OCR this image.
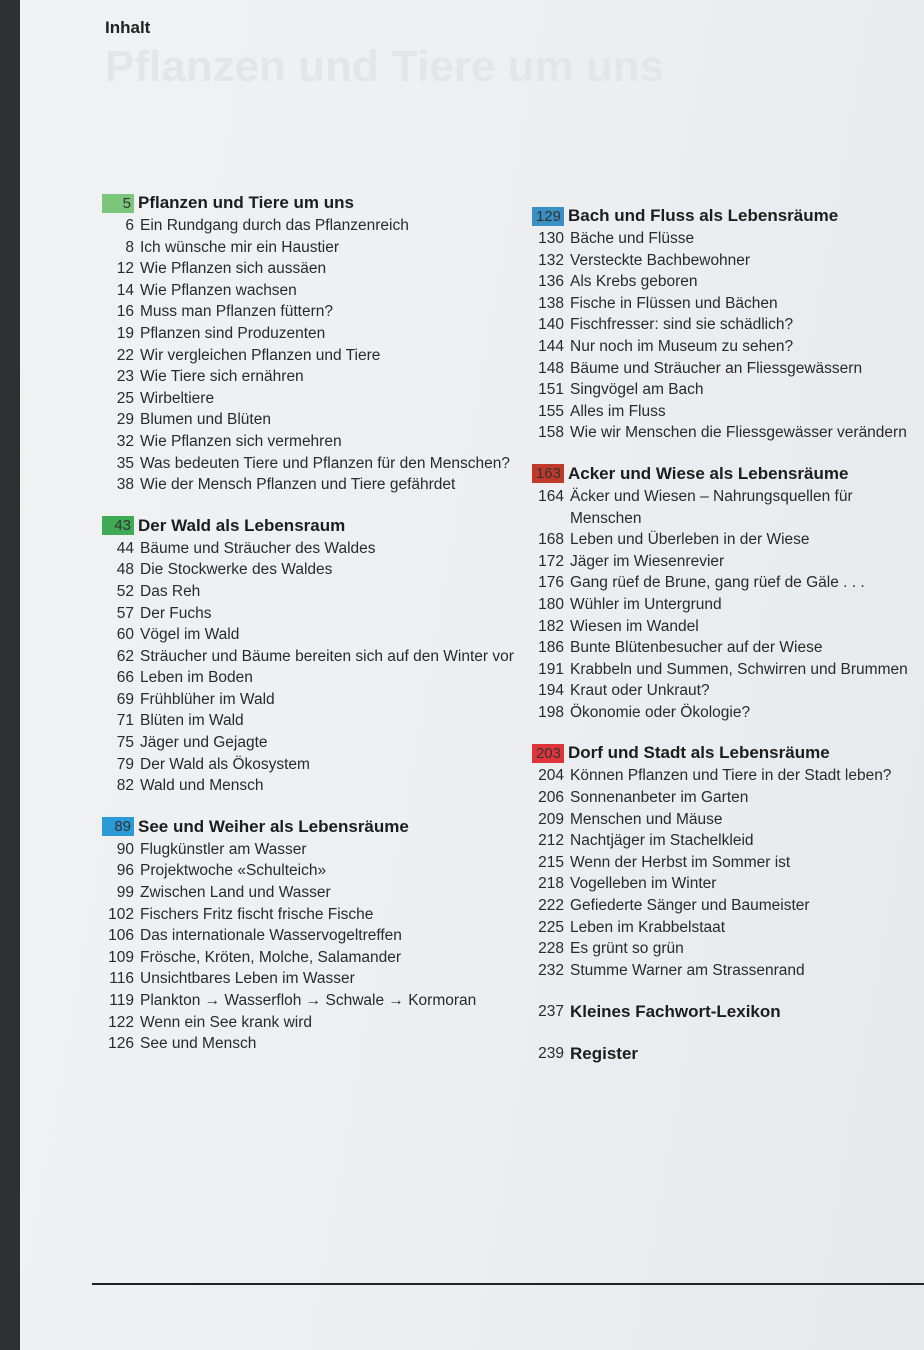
Pflanzen und Tiere um uns
Inhalt
5 Pflanzen und Tiere um uns
6 Ein Rundgang durch das Pflanzenreich
8 Ich wünsche mir ein Haustier
12 Wie Pflanzen sich aussäen
14 Wie Pflanzen wachsen
16 Muss man Pflanzen füttern?
19 Pflanzen sind Produzenten
22 Wir vergleichen Pflanzen und Tiere
23 Wie Tiere sich ernähren
25 Wirbeltiere
29 Blumen und Blüten
32 Wie Pflanzen sich vermehren
35 Was bedeuten Tiere und Pflanzen für den Menschen?
38 Wie der Mensch Pflanzen und Tiere gefährdet
43 Der Wald als Lebensraum
44 Bäume und Sträucher des Waldes
48 Die Stockwerke des Waldes
52 Das Reh
57 Der Fuchs
60 Vögel im Wald
62 Sträucher und Bäume bereiten sich auf den Winter vor
66 Leben im Boden
69 Frühblüher im Wald
71 Blüten im Wald
75 Jäger und Gejagte
79 Der Wald als Ökosystem
82 Wald und Mensch
89 See und Weiher als Lebensräume
90 Flugkünstler am Wasser
96 Projektwoche «Schulteich»
99 Zwischen Land und Wasser
102 Fischers Fritz fischt frische Fische
106 Das internationale Wasservogeltreffen
109 Frösche, Kröten, Molche, Salamander
116 Unsichtbares Leben im Wasser
119 Plankton → Wasserfloh → Schwale → Kormoran
122 Wenn ein See krank wird
126 See und Mensch
129 Bach und Fluss als Lebensräume
130 Bäche und Flüsse
132 Versteckte Bachbewohner
136 Als Krebs geboren
138 Fische in Flüssen und Bächen
140 Fischfresser: sind sie schädlich?
144 Nur noch im Museum zu sehen?
148 Bäume und Sträucher an Fliessgewässern
151 Singvögel am Bach
155 Alles im Fluss
158 Wie wir Menschen die Fliessgewässer verändern
163 Acker und Wiese als Lebensräume
164 Äcker und Wiesen – Nahrungsquellen für Menschen
168 Leben und Überleben in der Wiese
172 Jäger im Wiesenrevier
176 Gang rüef de Brune, gang rüef de Gäle . . .
180 Wühler im Untergrund
182 Wiesen im Wandel
186 Bunte Blütenbesucher auf der Wiese
191 Krabbeln und Summen, Schwirren und Brummen
194 Kraut oder Unkraut?
198 Ökonomie oder Ökologie?
203 Dorf und Stadt als Lebensräume
204 Können Pflanzen und Tiere in der Stadt leben?
206 Sonnenanbeter im Garten
209 Menschen und Mäuse
212 Nachtjäger im Stachelkleid
215 Wenn der Herbst im Sommer ist
218 Vogelleben im Winter
222 Gefiederte Sänger und Baumeister
225 Leben im Krabbelstaat
228 Es grünt so grün
232 Stumme Warner am Strassenrand
237 Kleines Fachwort-Lexikon
239 Register
